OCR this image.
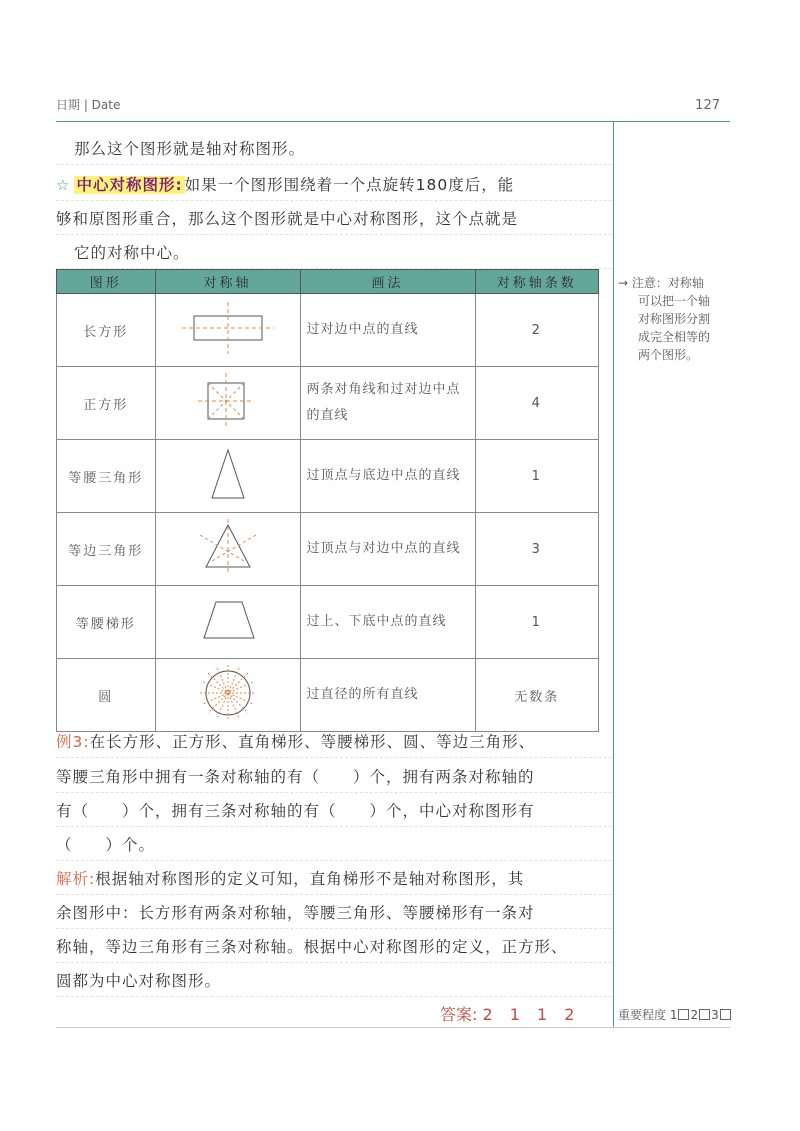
日期 | Date	127
那么这个图形就是轴对称图形。
☆ 中心对称图形: 如果一个图形围绕着一个点旋转180度后，能
够和原图形重合，那么这个图形就是中心对称图形，这个点就是
它的对称中心。
图形	对称轴	画法	对称轴条数
长方形		过对边中点的直线	2
正方形		两条对角线和过对边中点的直线	4
等腰三角形		过顶点与底边中点的直线	1
等边三角形		过顶点与对边中点的直线	3
等腰梯形		过上、下底中点的直线	1
圆		过直径的所有直线	无数条
→ 注意：对称轴
可以把一个轴
对称图形分割
成完全相等的
两个图形。
例3:在长方形、正方形、直角梯形、等腰梯形、圆、等边三角形、
等腰三角形中拥有一条对称轴的有（　　）个，拥有两条对称轴的
有（　　）个，拥有三条对称轴的有（　　）个，中心对称图形有
（　　）个。
解析:根据轴对称图形的定义可知，直角梯形不是轴对称图形，其
余图形中：长方形有两条对称轴，等腰三角形、等腰梯形有一条对
称轴，等边三角形有三条对称轴。根据中心对称图形的定义，正方形、
圆都为中心对称图形。
答案: 2 1 1 2	重要程度 1 2 3
